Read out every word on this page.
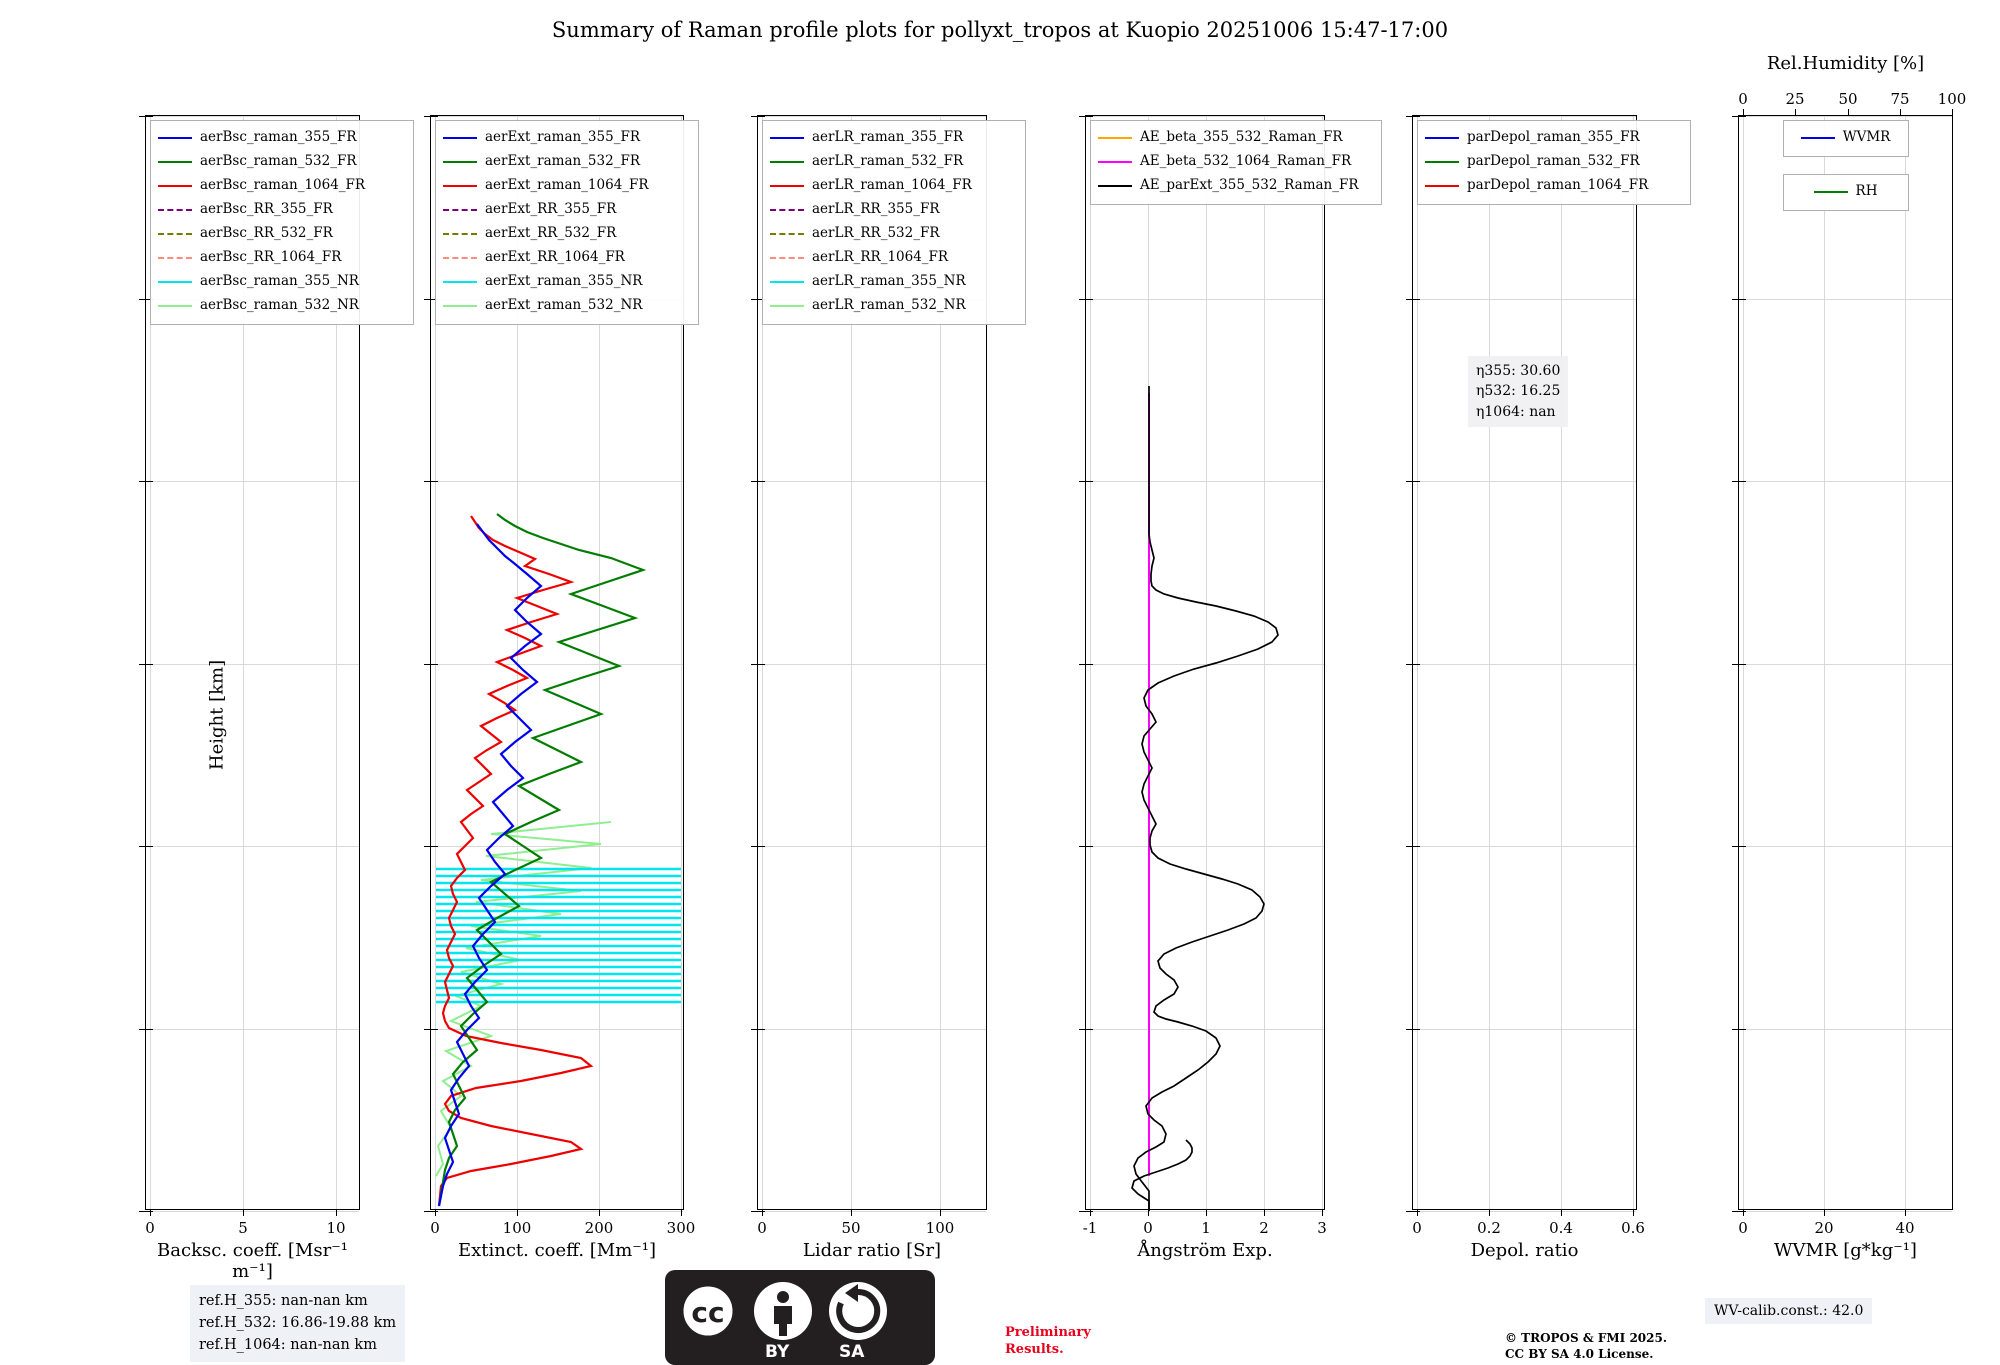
Summary of Raman profile plots for pollyxt_tropos at Kuopio 20251006 15:47-17:00
0	5	10
aerBsc_raman_355_FR
aerBsc_raman_532_FR
aerBsc_raman_1064_FR
aerBsc_RR_355_FR
aerBsc_RR_532_FR
aerBsc_RR_1064_FR
aerBsc_raman_355_NR
aerBsc_raman_532_NR
Height [km]
Backsc. coeff. [Msr⁻¹ m⁻¹]
0	100	200	300
aerExt_raman_355_FR
aerExt_raman_532_FR
aerExt_raman_1064_FR
aerExt_RR_355_FR
aerExt_RR_532_FR
aerExt_RR_1064_FR
aerExt_raman_355_NR
aerExt_raman_532_NR
Extinct. coeff. [Mm⁻¹]
0	50	100
aerLR_raman_355_FR
aerLR_raman_532_FR
aerLR_raman_1064_FR
aerLR_RR_355_FR
aerLR_RR_532_FR
aerLR_RR_1064_FR
aerLR_raman_355_NR
aerLR_raman_532_NR
Lidar ratio [Sr]
-1	0	1	2	3
AE_beta_355_532_Raman_FR
AE_beta_532_1064_Raman_FR
AE_parExt_355_532_Raman_FR
Ångström Exp.
0	0.2	0.4	0.6
η355: 30.60
η532: 16.25
η1064: nan
parDepol_raman_355_FR
parDepol_raman_532_FR
parDepol_raman_1064_FR
Depol. ratio
0	20	40
0	25 50 75 100
WVMR
RH
Rel.Humidity [%]
WVMR [g*kg⁻¹]
ref.H_355: nan-nan km
ref.H_532: 16.86-19.88 km
ref.H_1064: nan-nan km
cc
BY	SA
Preliminary
Results.
© TROPOS & FMI 2025.
CC BY SA 4.0 License.
WV-calib.const.: 42.0
